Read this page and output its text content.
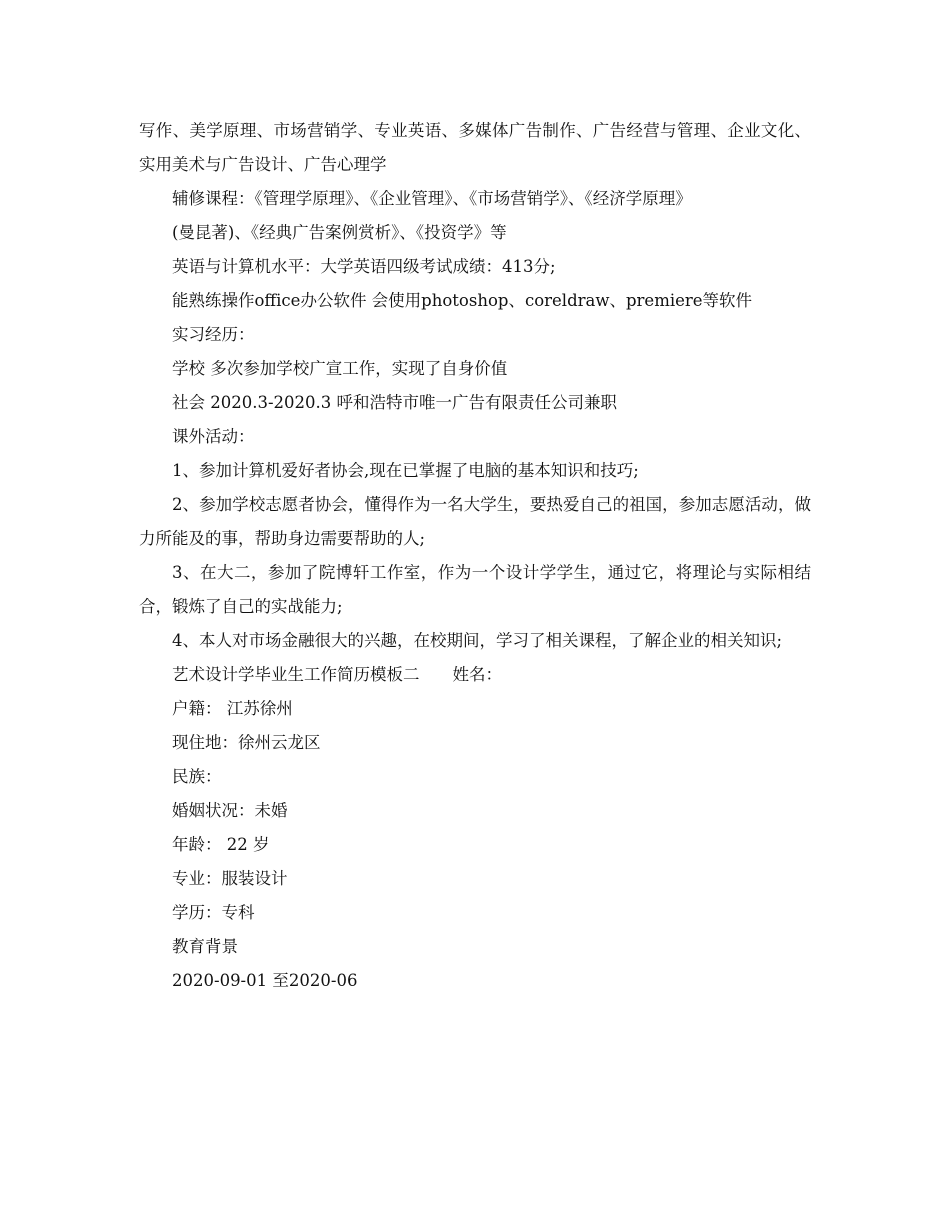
写作、美学原理、市场营销学、专业英语、多媒体广告制作、广告经营与管理、企业文化、实用美术与广告设计、广告心理学

辅修课程：《管理学原理》、《企业管理》、《市场营销学》、《经济学原理》

(曼昆著)、《经典广告案例赏析》、《投资学》等

英语与计算机水平：大学英语四级考试成绩：413分;

能熟练操作office办公软件 会使用photoshop、coreldraw、premiere等软件

实习经历：

学校 多次参加学校广宣工作，实现了自身价值

社会 2020.3-2020.3 呼和浩特市唯一广告有限责任公司兼职

课外活动：

1、参加计算机爱好者协会,现在已掌握了电脑的基本知识和技巧;

2、参加学校志愿者协会，懂得作为一名大学生，要热爱自己的祖国，参加志愿活动，做力所能及的事，帮助身边需要帮助的人;

3、在大二，参加了院博轩工作室，作为一个设计学学生，通过它，将理论与实际相结合，锻炼了自己的实战能力;

4、本人对市场金融很大的兴趣，在校期间，学习了相关课程，了解企业的相关知识;

艺术设计学毕业生工作简历模板二　　姓名：

户籍： 江苏徐州

现住地：徐州云龙区

民族：

婚姻状况：未婚

年龄： 22 岁

专业：服装设计

学历：专科

教育背景

2020-09-01 至2020-06
